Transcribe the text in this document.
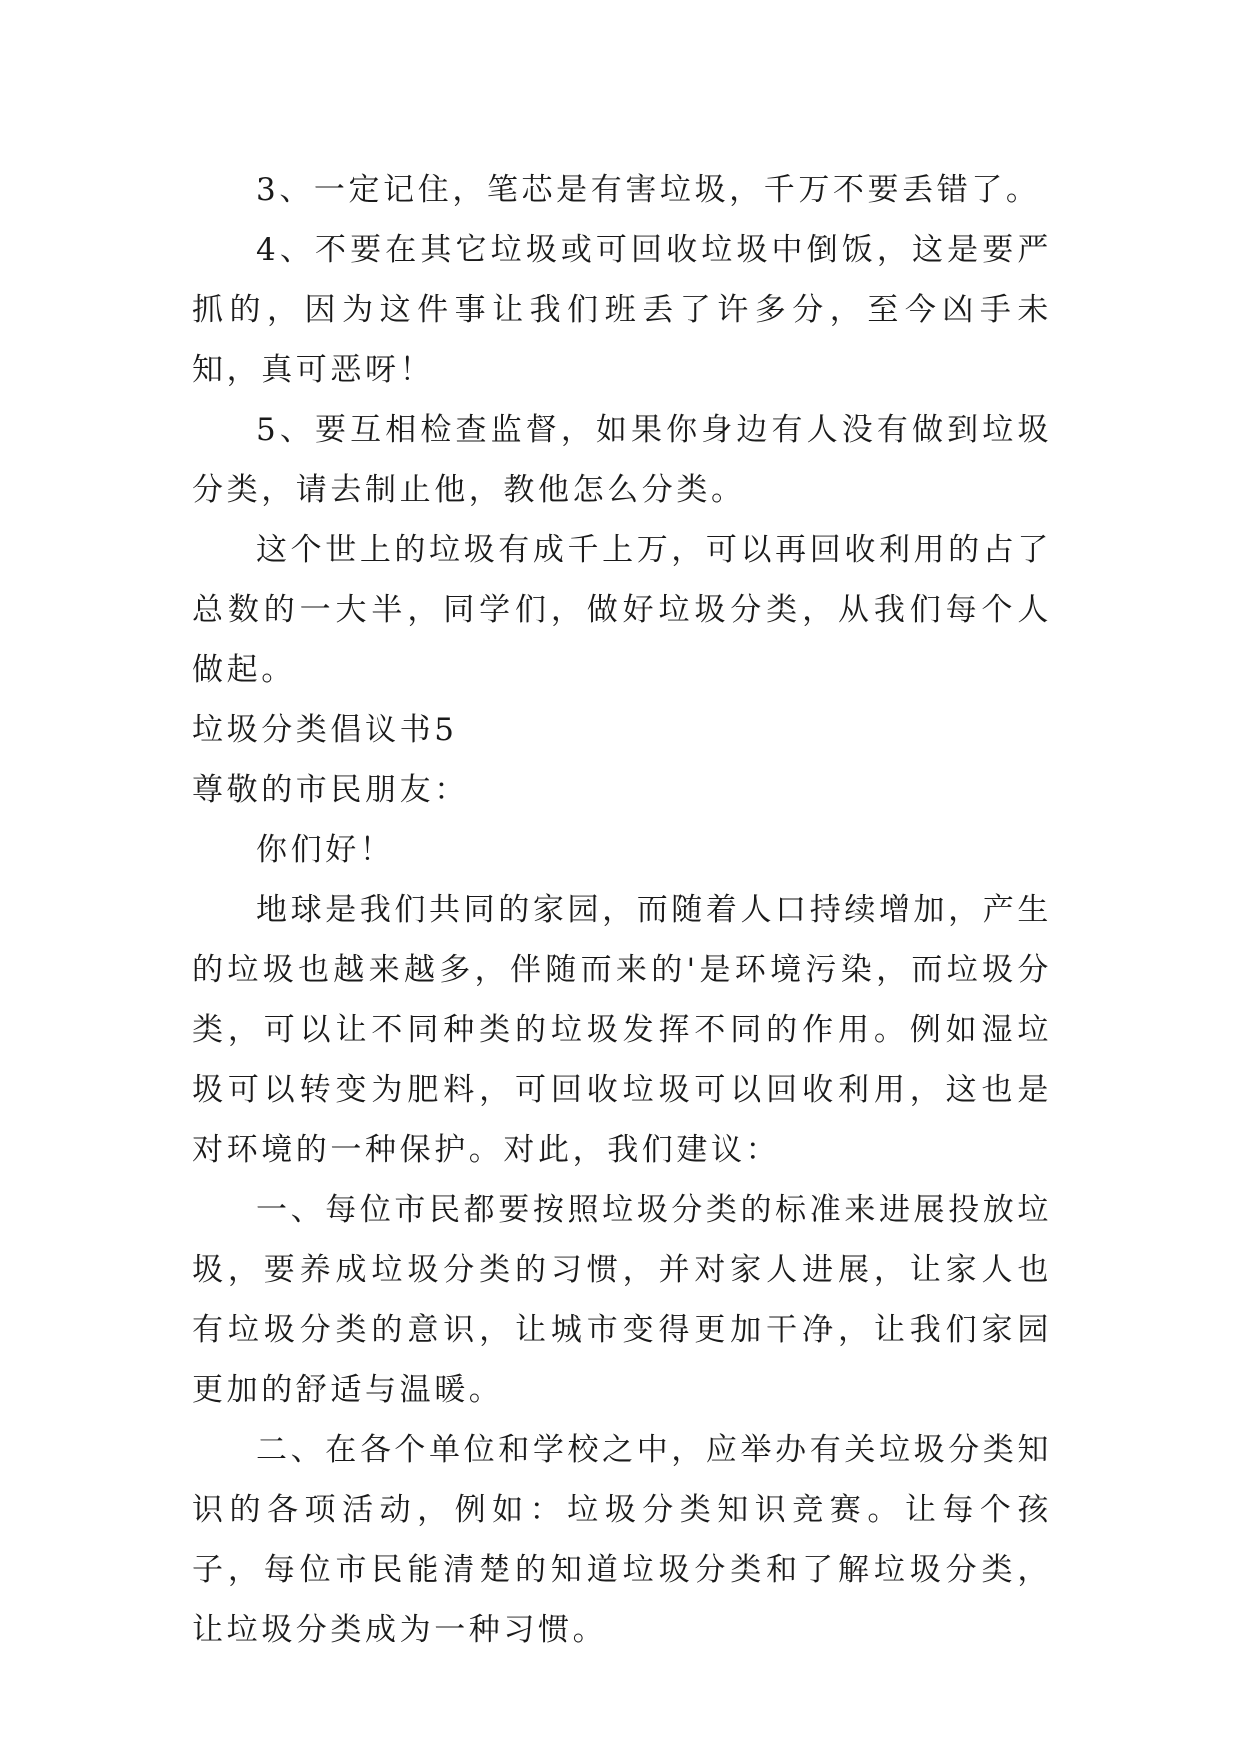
3、一定记住，笔芯是有害垃圾，千万不要丢错了。

4、不要在其它垃圾或可回收垃圾中倒饭，这是要严抓的，因为这件事让我们班丢了许多分，至今凶手未知，真可恶呀！

5、要互相检查监督，如果你身边有人没有做到垃圾分类，请去制止他，教他怎么分类。

这个世上的垃圾有成千上万，可以再回收利用的占了总数的一大半，同学们，做好垃圾分类，从我们每个人做起。

垃圾分类倡议书5

尊敬的市民朋友：

你们好！

地球是我们共同的家园，而随着人口持续增加，产生的垃圾也越来越多，伴随而来的'是环境污染，而垃圾分类，可以让不同种类的垃圾发挥不同的作用。例如湿垃圾可以转变为肥料，可回收垃圾可以回收利用，这也是对环境的一种保护。对此，我们建议：

一、每位市民都要按照垃圾分类的标准来进展投放垃圾，要养成垃圾分类的习惯，并对家人进展，让家人也有垃圾分类的意识，让城市变得更加干净，让我们家园更加的舒适与温暖。

二、在各个单位和学校之中，应举办有关垃圾分类知识的各项活动，例如：垃圾分类知识竞赛。让每个孩子，每位市民能清楚的知道垃圾分类和了解垃圾分类，让垃圾分类成为一种习惯。
